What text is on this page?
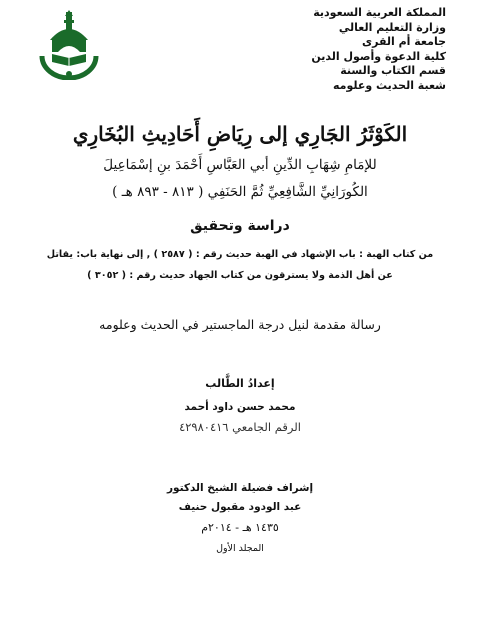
المملكة العربية السعودية
وزارة التعليم العالي
جامعة أم القرى
كلية الدعوة وأصول الدين
قسم الكتاب والسنة
شعبة الحديث وعلومه
الكَوْثَرُ الجَارِي إلى رِيَاضِ أَحَادِيثِ البُخَارِي
للإمَامِ شِهَابِ الدِّينِ أبي العَبَّاسِ أَحْمَدَ بنِ إسْمَاعِيلَ
الكُورَانِيِّ الشَّافِعِيِّ ثُمَّ الحَنَفِي ( ٨١٣ - ٨٩٣ هـ )
دراسة وتحقيق
من كتاب الهبة : باب الإشهاد في الهبة حديث رقم : ( ٢٥٨٧ ) , إلى نهاية باب: يقاتل
عن أهل الذمة ولا يسترقون من كتاب الجهاد حديث رقم : ( ٣٠٥٢ )
رسالة مقدمة لنيل درجة الماجستير في الحديث وعلومه
إعدادُ الطَّالب
محمد حسن داود أحمد
الرقم الجامعي ٤٢٩٨٠٤١٦
إشراف فضيلة الشيخ الدكتور
عبد الودود مقبول حنيف
١٤٣٥ هـ - ٢٠١٤م
المجلد الأول
